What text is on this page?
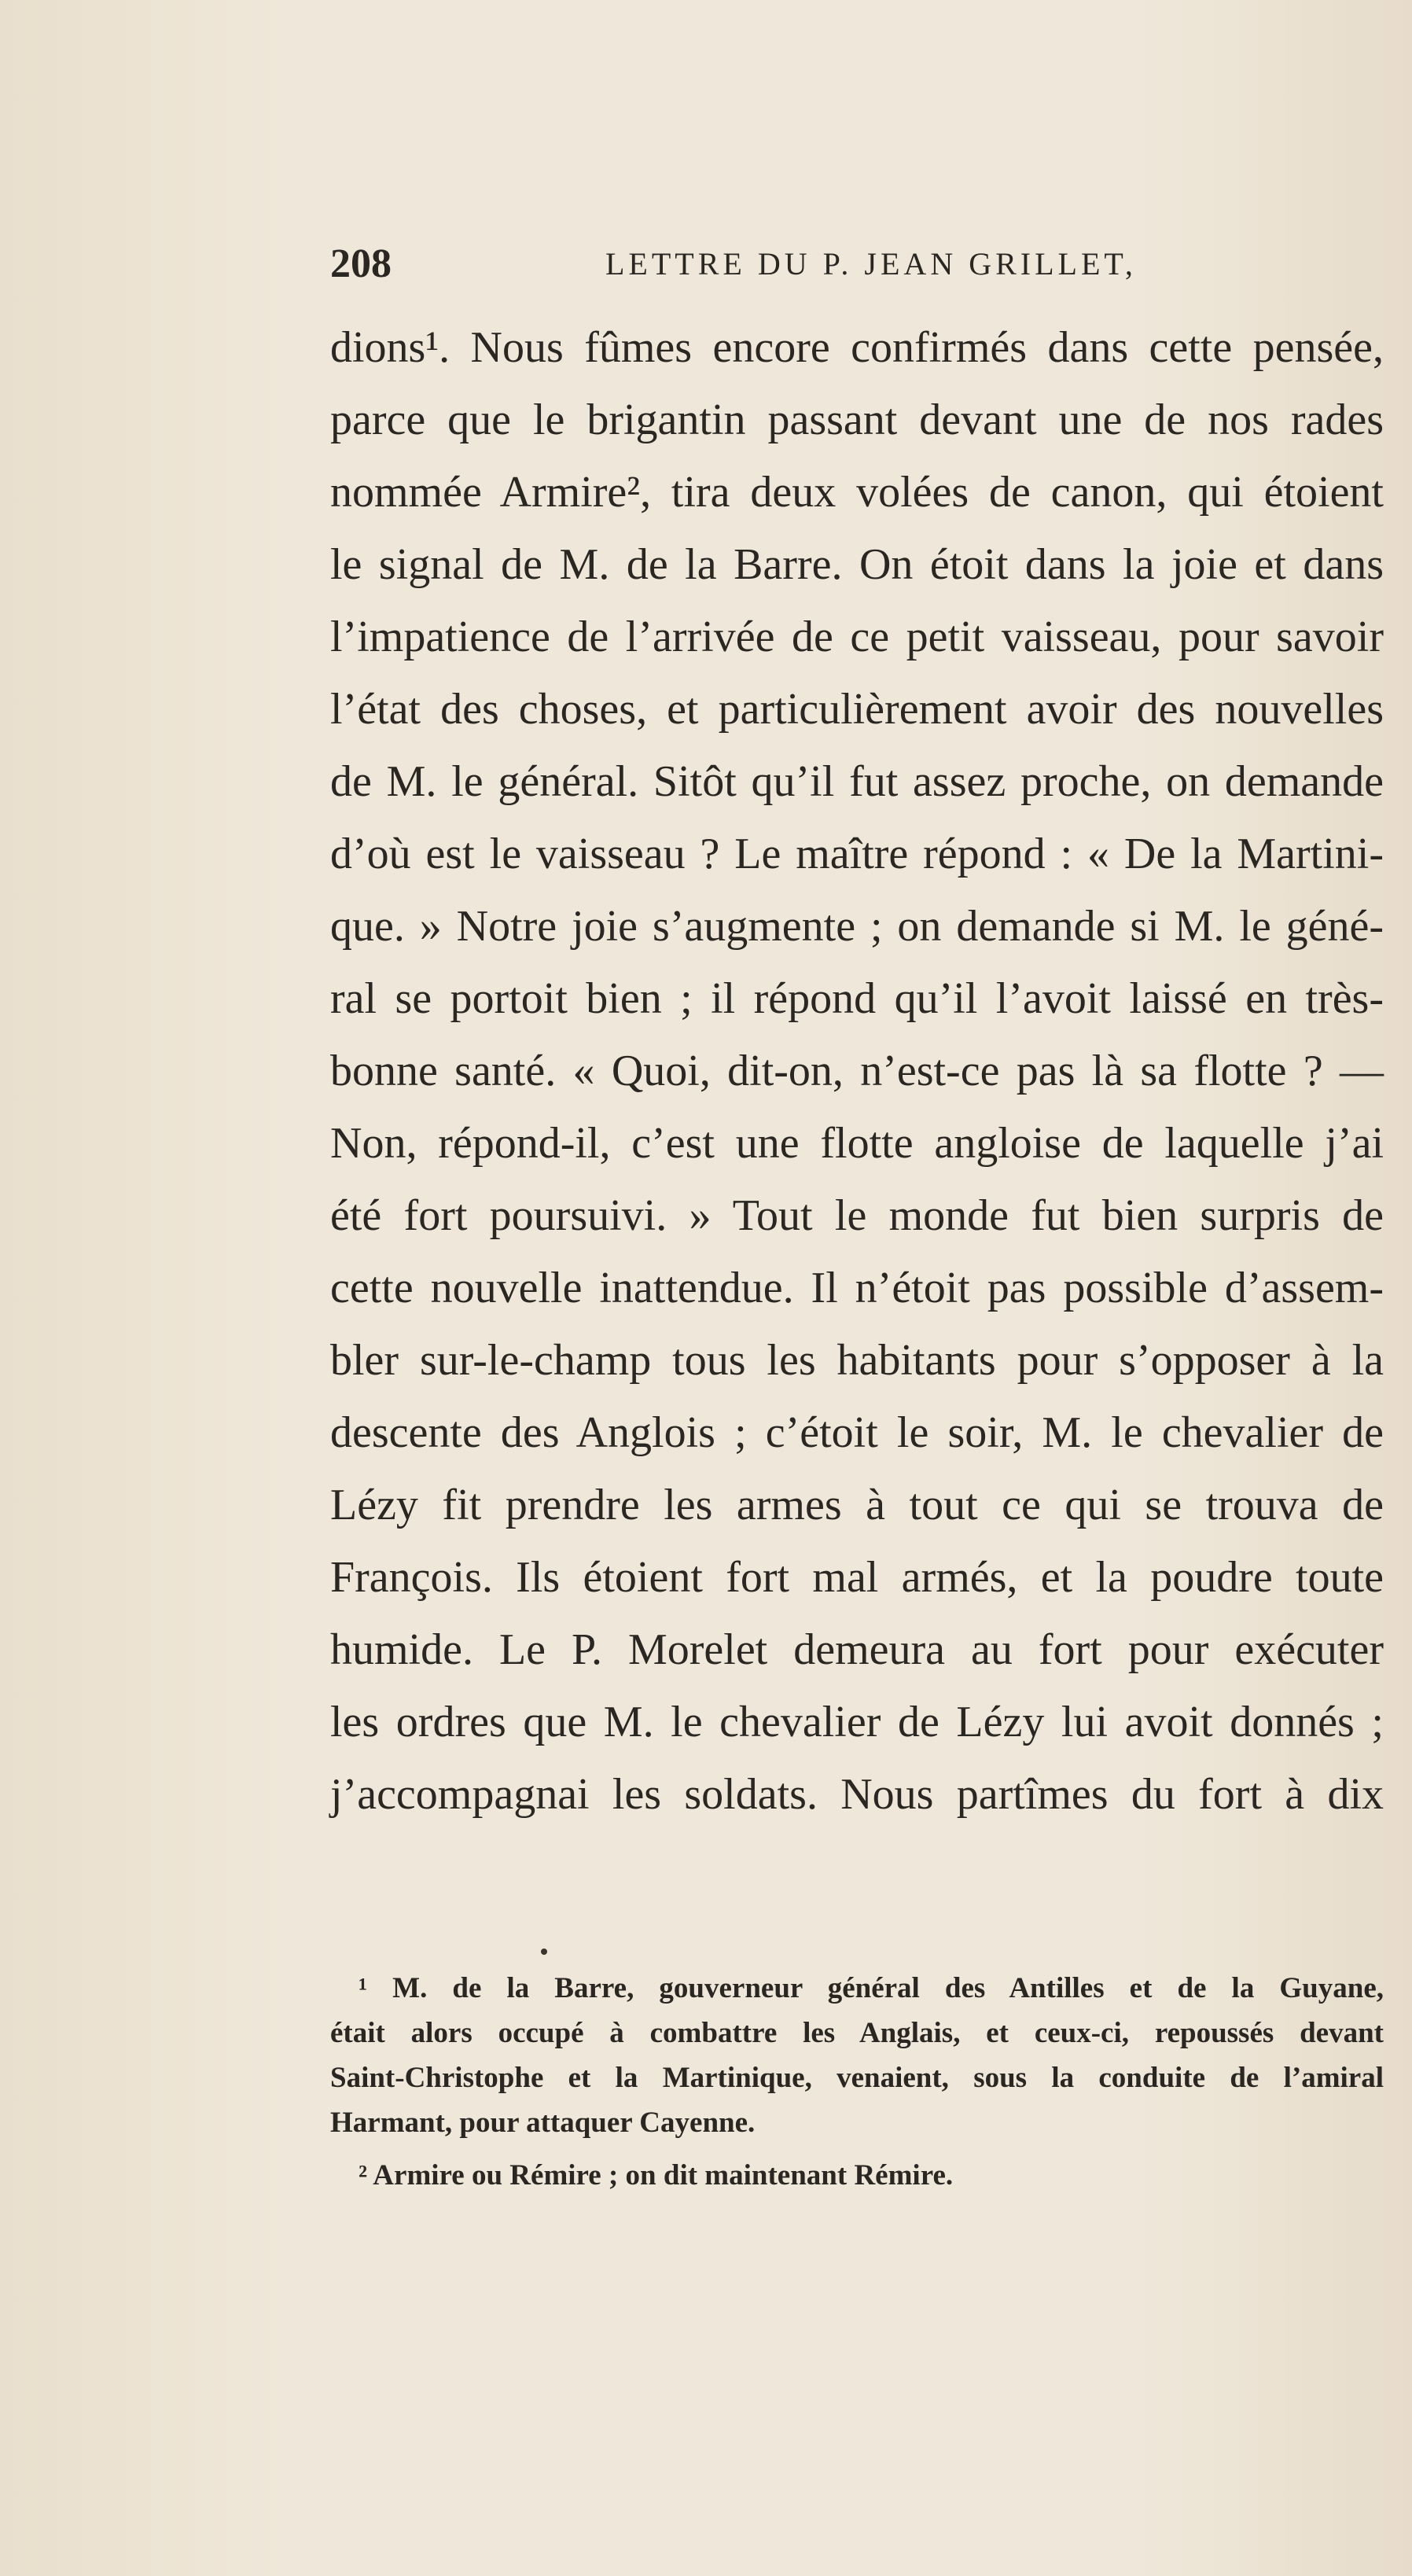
208	LETTRE DU P. JEAN GRILLET,
dions¹. Nous fûmes encore confirmés dans cette pensée,
parce que le brigantin passant devant une de nos rades
nommée Armire², tira deux volées de canon, qui étoient
le signal de M. de la Barre. On étoit dans la joie et dans
l’impatience de l’arrivée de ce petit vaisseau, pour savoir
l’état des choses, et particulièrement avoir des nouvelles
de M. le général. Sitôt qu’il fut assez proche, on demande
d’où est le vaisseau ? Le maître répond : « De la Martini-
que. » Notre joie s’augmente ; on demande si M. le géné-
ral se portoit bien ; il répond qu’il l’avoit laissé en très-
bonne santé. « Quoi, dit-on, n’est-ce pas là sa flotte ? —
Non, répond-il, c’est une flotte angloise de laquelle j’ai
été fort poursuivi. » Tout le monde fut bien surpris de
cette nouvelle inattendue. Il n’étoit pas possible d’assem-
bler sur-le-champ tous les habitants pour s’opposer à la
descente des Anglois ; c’étoit le soir, M. le chevalier de
Lézy fit prendre les armes à tout ce qui se trouva de
François. Ils étoient fort mal armés, et la poudre toute
humide. Le P. Morelet demeura au fort pour exécuter
les ordres que M. le chevalier de Lézy lui avoit donnés ;
j’accompagnai les soldats. Nous partîmes du fort à dix
¹ M. de la Barre, gouverneur général des Antilles et de la Guyane,
était alors occupé à combattre les Anglais, et ceux-ci, repoussés devant
Saint-Christophe et la Martinique, venaient, sous la conduite de l’amiral
Harmant, pour attaquer Cayenne.
² Armire ou Rémire ; on dit maintenant Rémire.
